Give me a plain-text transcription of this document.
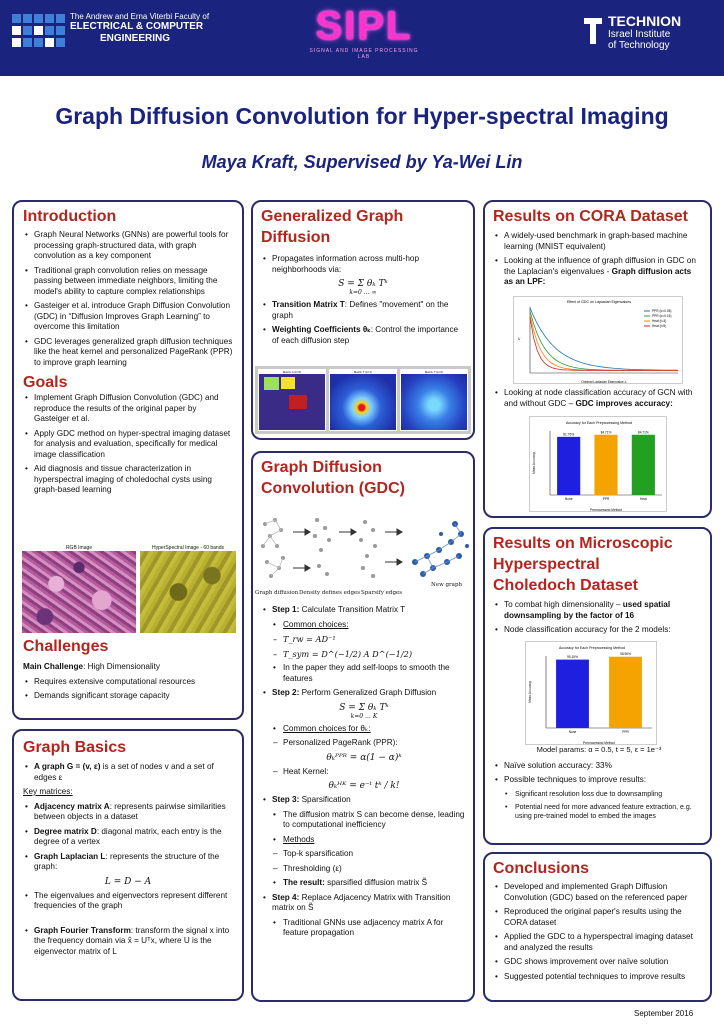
The Andrew and Erna Viterbi Faculty of
ELECTRICAL & COMPUTER
ENGINEERING	SIPL
SIGNAL AND IMAGE PROCESSING LAB
TECHNION
Israel Institute
of Technology
Graph Diffusion Convolution for Hyper-spectral Imaging
Maya Kraft, Supervised by Ya-Wei Lin
Introduction
• Graph Neural Networks (GNNs) are powerful tools for processing graph-structured data, with graph convolution as a key component
• Traditional graph convolution relies on message passing between immediate neighbors, limiting the model's ability to capture complex relationships
• Gasteiger et al. introduce Graph Diffusion Convolution (GDC) in “Diffusion Improves Graph Learning” to overcome this limitation
• GDC leverages generalized graph diffusion techniques like the heat kernel and personalized PageRank (PPR) to improve graph learning
Goals
• Implement Graph Diffusion Convolution (GDC) and reproduce the results of the original paper by Gasteiger et al.
• Apply GDC method on hyper-spectral imaging dataset for analysis and evaluation, specifically for medical image classification
• Aid diagnosis and tissue characterization in hyperspectral imaging of choledochal cysts using graph-based learning
RGB Image	HyperSpectral Image - 60 bands
Challenges
Main Challenge: High Dimensionality
• Requires extensive computational resources
• Demands significant storage capacity
Graph Basics
• A graph G = (v, ε) is a set of nodes v and a set of edges ε
Key matrices:
• Adjacency matrix A: represents pairwise similarities between objects in a dataset
• Degree matrix D: diagonal matrix, each entry is the degree of a vertex
• Graph Laplacian L: represents the structure of the graph:
L = D − A
• The eigenvalues and eigenvectors represent different frequencies of the graph
• Graph Fourier Transform: transform the signal x into the frequency domain via x̂ = Uᵀx, where U is the eigenvector matrix of L
Generalized Graph Diffusion
• Propagates information across multi-hop neighborhoods via:
S = Σ θₖ Tᵏ
k=0 … ∞
• Transition Matrix T: Defines "movement" on the graph
• Weighting Coefficients θₖ: Control the importance of each diffusion step
Matrix A (k=0)	Matrix T (k=1)	Matrix T (k=2)
Graph Diffusion Convolution (GDC)
Graph diffusion Density defines edges Sparsify edges
New graph
• Step 1: Calculate Transition Matrix T
• Common choices:
– T_rw = AD⁻¹
– T_sym = D^(−1/2) A D^(−1/2)
• In the paper they add self-loops to smooth the features
• Step 2: Perform Generalized Graph Diffusion
S = Σ θₖ Tᵏ
k=0 … K
• Common choices for θₖ:
– Personalized PageRank (PPR):
θₖᴾᴾᴿ = α(1 − α)ᵏ
– Heat Kernel:
θₖᴴᴷ = e⁻ᵗ tᵏ / k!
• Step 3: Sparsification
• The diffusion matrix S can become dense, leading to computational inefficiency
• Methods
– Top-k sparsification
– Thresholding (ε)
• The result: sparsified diffusion matrix S̃
• Step 4: Replace Adjacency Matrix with Transition matrix on S̃
• Traditional GNNs use adjacency matrix A for feature propagation
Results on CORA Dataset
• A widely-used benchmark in graph-based machine learning (MNIST equivalent)
• Looking at the influence of graph diffusion in GDC on the Laplacian's eigenvalues - Graph diffusion acts as an LPF:
Effect of GDC on Laplacian Eigenvalues
λ̃ᵢ
Original Laplacian Eigenvalue λᵢ
PPR (α=0.05)
PPR (α=0.15)
Heat (t=3)
Heat (t=5)
• Looking at node classification accuracy of GCN with and without GDC – GDC improves accuracy:
Accuracy for Each Preprocessing Method
Mean Accuracy
Preprocessing Method
81.76%
None
84.71%
PPR
84.71%
Heat
Results on Microscopic Hyperspectral Choledoch Dataset
• To combat high dimensionality – used spatial downsampling by the factor of 16
• Node classification accuracy for the 2 models:
Accuracy for Each Preprocessing Method
Mean Accuracy
Preprocessing Method
95.15%
None
98.96%
PPR
Model params: α = 0.5, t = 5, ε = 1e⁻³
• Naïve solution accuracy: 33%
• Possible techniques to improve results:
• Significant resolution loss due to downsampling
• Potential need for more advanced feature extraction, e.g. using pre-trained model to embed the images
Conclusions
• Developed and implemented Graph Diffusion Convolution (GDC) based on the referenced paper
• Reproduced the original paper's results using the CORA dataset
• Applied the GDC to a hyperspectral imaging dataset and analyzed the results
• GDC shows improvement over naïve solution
• Suggested potential techniques to improve results
September 2016
